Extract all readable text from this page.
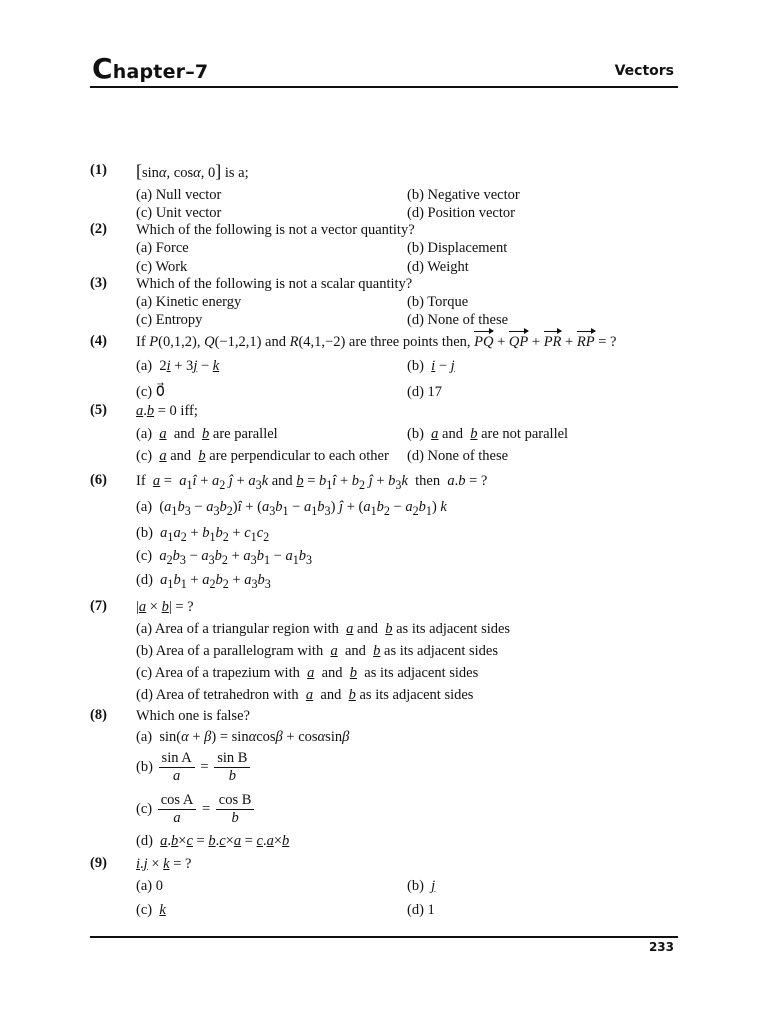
Chapter–7	Vectors
(1) [sinα, cosα, 0] is a;
(a) Null vector	(b) Negative vector
(c) Unit vector	(d) Position vector
(2) Which of the following is not a vector quantity?
(a) Force	(b) Displacement
(c) Work	(d) Weight
(3) Which of the following is not a scalar quantity?
(a) Kinetic energy	(b) Torque
(c) Entropy	(d) None of these
(4) If P(0,1,2), Q(−1,2,1) and R(4,1,−2) are three points then, PQ + QP + PR + RP = ?
(a)  2i + 3j − k	(b)  i − j
(c) 0⃗	(d) 17
(5) a.b = 0 iff;
(a)  a  and  b are parallel	(b)  a and  b are not parallel
(c)  a and  b are perpendicular to each other (d) None of these
(6) If  $a = a_1î + a_2$ ĵ + $a_3k$ and $b = b_1î + b_2$ ĵ + $b_3k$  then  a.b = ?
(a)  ($a_1b_3$ − $a_3b_2)î + (a_3b_1 - a_1b_3)$ ĵ + $(a_1b_2 - a_2b_1)$ k
(b)  $a_1a_2 + b_1b_2 + c_1c_2$
(c)  $a_2b_3 - a_3b_2 + a_3b_1 - a_1b_3$
(d)  $a_1b_1 + a_2b_2 + a_3b_3$
(7) |a × b| = ?
(a) Area of a triangular region with  a and  b as its adjacent sides
(b) Area of a parallelogram with  a  and  b as its adjacent sides
(c) Area of a trapezium with  a  and  b  as its adjacent sides
(d) Area of tetrahedron with  a  and  b as its adjacent sides
(8) Which one is false?
(a)  sin(α + β) = sinαcosβ + cosαsinβ
$(b) \frac{\text{sin A}}{a} = \frac{\text{sin B}}{b}$
$(c) \frac{\text{cos A}}{a} = \frac{\text{cos B}}{b}$
(d)  a.b×c = b.c×a = c.a×b
(9) i.j × k = ?
(a) 0	(b)  j
(c)  k	(d) 1
233
